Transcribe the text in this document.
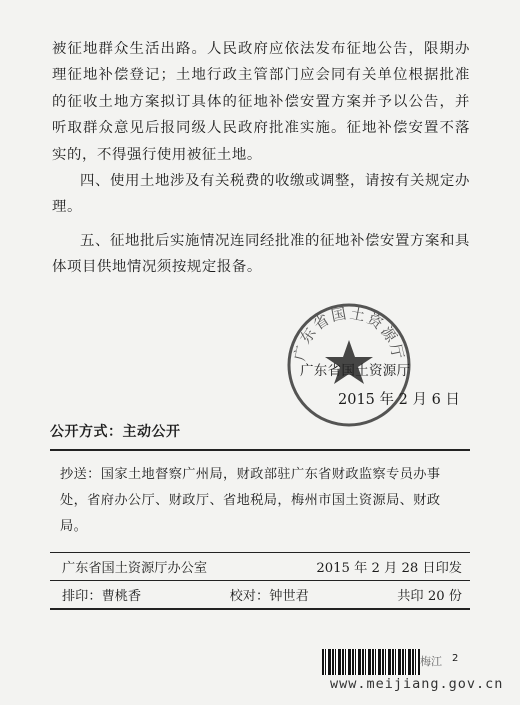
被征地群众生活出路。人民政府应依法发布征地公告，限期办理征地补偿登记；土地行政主管部门应会同有关单位根据批准的征收土地方案拟订具体的征地补偿安置方案并予以公告，并听取群众意见后报同级人民政府批准实施。征地补偿安置不落实的，不得强行使用被征土地。
四、使用土地涉及有关税费的收缴或调整，请按有关规定办理。
五、征地批后实施情况连同经批准的征地补偿安置方案和具体项目供地情况须按规定报备。
广东省国土资源厅
广东省国土资源厅
2015 年 2 月 6 日
公开方式：主动公开
抄送：国家土地督察广州局，财政部驻广东省财政监察专员办事处，省府办公厅、财政厅、省地税局，梅州市国土资源局、财政局。
广东省国土资源厅办公室	2015 年 2 月 28 日印发
排印：曹桃香	校对：钟世君	共印 20 份
梅江 2
www.meijiang.gov.cn
